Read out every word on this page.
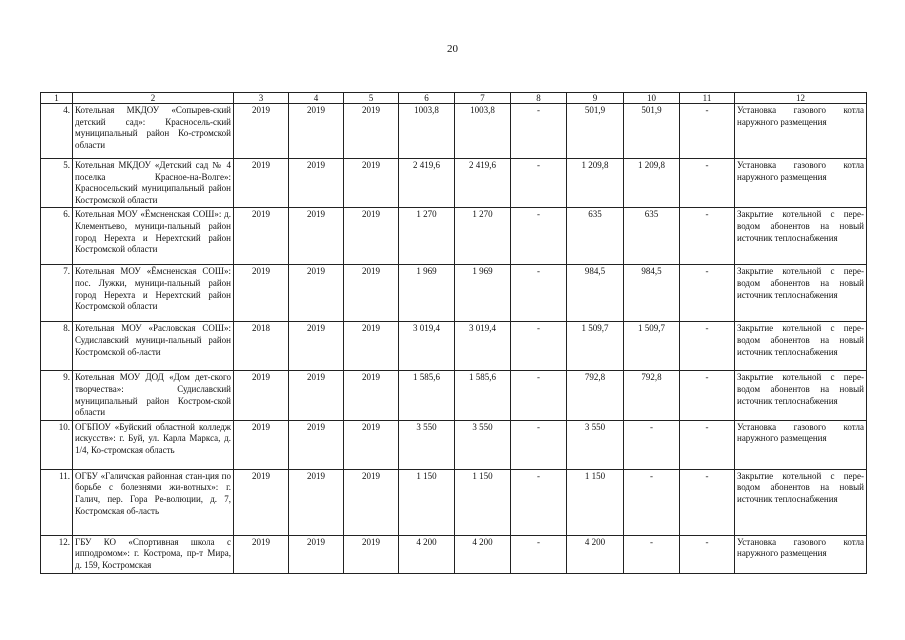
20
1	2	3	4	5	6	7	8	9	10	11	12
4.	Котельная МКДОУ «Сопырев-ский детский сад»: Красносель-ский муниципальный район Ко-стромской области	2019	2019	2019	1003,8	1003,8	-	501,9	501,9	-	Установка газового котла наружного размещения
5.	Котельная МКДОУ «Детский сад № 4 поселка Красное-на-Волге»: Красносельский муниципальный район Костромской области	2019	2019	2019	2 419,6	2 419,6	-	1 209,8	1 209,8	-	Установка газового котла наружного размещения
6.	Котельная МОУ «Ёмсненская СОШ»: д. Клементьево, муници-пальный район город Нерехта и Нерехтский район Костромской области	2019	2019	2019	1 270	1 270	-	635	635	-	Закрытие котельной с пере-водом абонентов на новый источник теплоснабжения
7.	Котельная МОУ «Ёмсненская СОШ»: пос. Лужки, муници-пальный район город Нерехта и Нерехтский район Костромской области	2019	2019	2019	1 969	1 969	-	984,5	984,5	-	Закрытие котельной с пере-водом абонентов на новый источник теплоснабжения
8.	Котельная МОУ «Расловская СОШ»: Судиславский муници-пальный район Костромской об-ласти	2018	2019	2019	3 019,4	3 019,4	-	1 509,7	1 509,7	-	Закрытие котельной с пере-водом абонентов на новый источник теплоснабжения
9.	Котельная МОУ ДОД «Дом дет-ского творчества»: Судиславский муниципальный район Костром-ской области	2019	2019	2019	1 585,6	1 585,6	-	792,8	792,8	-	Закрытие котельной с пере-водом абонентов на новый источник теплоснабжения
10.	ОГБПОУ «Буйский областной колледж искусств»: г. Буй, ул. Карла Маркса, д. 1/4, Ко-стромская область	2019	2019	2019	3 550	3 550	-	3 550	-	-	Установка газового котла наружного размещения
11.	ОГБУ «Галичская районная стан-ция по борьбе с болезнями жи-вотных»: г. Галич, пер. Гора Ре-волюции, д. 7, Костромская об-ласть	2019	2019	2019	1 150	1 150	-	1 150	-	-	Закрытие котельной с пере-водом абонентов на новый источник теплоснабжения
12.	ГБУ КО «Спортивная школа с ипподромом»: г. Кострома, пр-т Мира, д. 159, Костромская	2019	2019	2019	4 200	4 200	-	4 200	-	-	Установка газового котла наружного размещения
